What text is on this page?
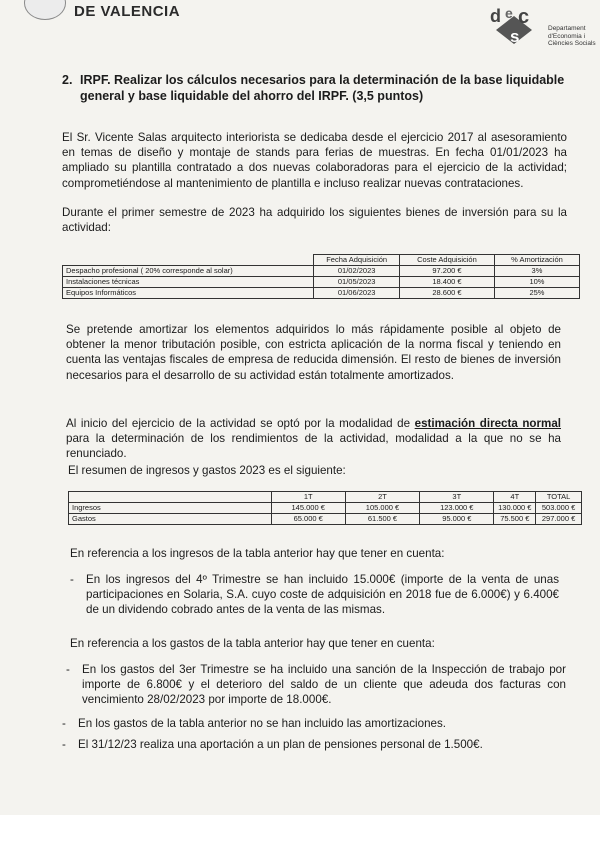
DE VALENCIA	d e c
s	Departament
d'Economia i
Ciències Socials
2. IRPF. Realizar los cálculos necesarios para la determinación de la base liquidable general y base liquidable del ahorro del IRPF. (3,5 puntos)
El Sr. Vicente Salas arquitecto interiorista se dedicaba desde el ejercicio 2017 al asesoramiento en temas de diseño y montaje de stands para ferias de muestras. En fecha 01/01/2023 ha ampliado su plantilla contratado a dos nuevas colaboradoras para el ejercicio de la actividad; comprometiéndose al mantenimiento de plantilla e incluso realizar nuevas contrataciones.
Durante el primer semestre de 2023 ha adquirido los siguientes bienes de inversión para su la actividad:
	Fecha Adquisición	Coste Adquisición	% Amortización
Despacho profesional ( 20% corresponde al solar)	01/02/2023	97.200 €	3%
Instalaciones técnicas	01/05/2023	18.400 €	10%
Equipos Informáticos	01/06/2023	28.600 €	25%
Se pretende amortizar los elementos adquiridos lo más rápidamente posible al objeto de obtener la menor tributación posible, con estricta aplicación de la norma fiscal y teniendo en cuenta las ventajas fiscales de empresa de reducida dimensión. El resto de bienes de inversión necesarios para el desarrollo de su actividad están totalmente amortizados.
Al inicio del ejercicio de la actividad se optó por la modalidad de estimación directa normal para la determinación de los rendimientos de la actividad, modalidad a la que no se ha renunciado.
El resumen de ingresos y gastos 2023 es el siguiente:
	1T	2T	3T	4T	TOTAL
Ingresos	145.000 €	105.000 €	123.000 €	130.000 €	503.000 €
Gastos	65.000 €	61.500 €	95.000 €	75.500 €	297.000 €
En referencia a los ingresos de la tabla anterior hay que tener en cuenta:
- En los ingresos del 4º Trimestre se han incluido 15.000€ (importe de la venta de unas participaciones en Solaria, S.A. cuyo coste de adquisición en 2018 fue de 6.000€) y 6.400€ de un dividendo cobrado antes de la venta de las mismas.
En referencia a los gastos de la tabla anterior hay que tener en cuenta:
- En los gastos del 3er Trimestre se ha incluido una sanción de la Inspección de trabajo por importe de 6.800€ y el deterioro del saldo de un cliente que adeuda dos facturas con vencimiento 28/02/2023 por importe de 18.000€.
- En los gastos de la tabla anterior no se han incluido las amortizaciones.
- El 31/12/23 realiza una aportación a un plan de pensiones personal de 1.500€.
